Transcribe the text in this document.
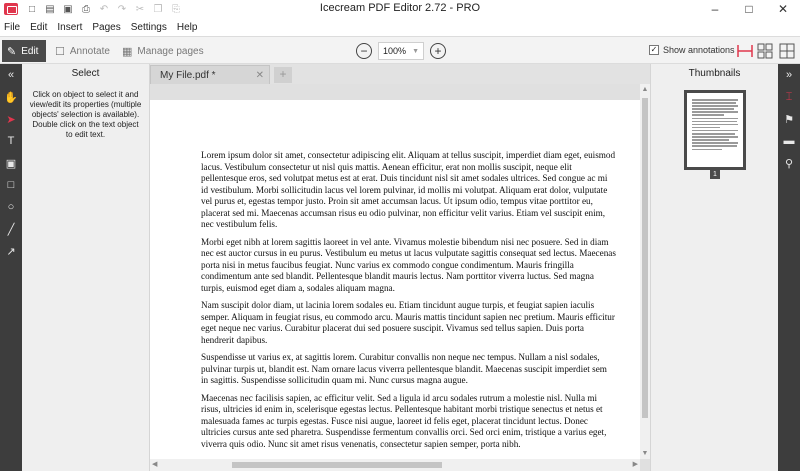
□ ▤ ▣ ⎙ ↶ ↷ ✂ ❐ ⎘	Icecream PDF Editor 2.72 - PRO	–	□	✕
File Edit Insert Pages Settings Help
✎ Edit ☐ Annotate ▦ Manage pages	−	100% ▼	+	✓ Show annotations
«
✋
➤
T
▣
□
○
╱
↗
Select
Click on object to select it and view/edit its properties (multiple objects' selection is available). Double click on the text object to edit text.
My File.pdf *	✕	+

Lorem ipsum dolor sit amet, consectetur adipiscing elit. Aliquam at tellus suscipit, imperdiet diam eget, euismod lacus. Vestibulum consectetur ut nisl quis mattis. Aenean efficitur, erat non mollis suscipit, neque elit pellentesque eros, sed volutpat metus est at erat. Duis tincidunt nisl sit amet sodales ultrices. Sed congue ac mi id vestibulum. Morbi sollicitudin lacus vel lorem pulvinar, id mollis mi volutpat. Aliquam erat dolor, vulputate vel purus et, egestas tempor justo. Proin sit amet accumsan lacus. Ut ipsum odio, tempus vitae porttitor eu, placerat sed mi. Maecenas accumsan risus eu odio pulvinar, non efficitur velit varius. Etiam vel suscipit enim, nec vestibulum felis.

Morbi eget nibh at lorem sagittis laoreet in vel ante. Vivamus molestie bibendum nisi nec posuere. Sed in diam nec est auctor cursus in eu purus. Vestibulum eu metus ut lacus vulputate sagittis consequat sed lectus. Maecenas porta nisi in metus faucibus feugiat. Nunc varius ex commodo congue condimentum. Mauris fringilla condimentum ante sed blandit. Pellentesque blandit mauris lectus. Nam porttitor viverra luctus. Sed magna turpis, euismod eget diam a, sodales aliquam magna.

Nam suscipit dolor diam, ut lacinia lorem sodales eu. Etiam tincidunt augue turpis, et feugiat sapien iaculis semper. Aliquam in feugiat risus, eu commodo arcu. Mauris mattis tincidunt sapien nec pretium. Mauris efficitur eget neque nec varius. Curabitur placerat dui sed posuere suscipit. Vivamus sed tellus sapien. Duis porta hendrerit dapibus.

Suspendisse ut varius ex, at sagittis lorem. Curabitur convallis non neque nec tempus. Nullam a nisl sodales, pulvinar turpis ut, blandit est. Nam ornare lacus viverra pellentesque blandit. Maecenas suscipit imperdiet sem in sagittis. Suspendisse sollicitudin quam mi. Nunc cursus magna augue.

Maecenas nec facilisis sapien, ac efficitur velit. Sed a ligula id arcu sodales rutrum a molestie nisl. Nulla mi risus, ultricies id enim in, scelerisque egestas lectus. Pellentesque habitant morbi tristique senectus et netus et malesuada fames ac turpis egestas. Fusce nisi augue, laoreet id felis eget, placerat tincidunt lectus. Donec ultricies cursus ante sed pharetra. Suspendisse fermentum convallis orci. Sed orci enim, tristique a varius eget, viverra quis odio. Nunc sit amet risus venenatis, consectetur sapien semper, porta nibh.

▲
▼
◀	▶
Thumbnails
1
»
⌶
⚑
▬
⚲
